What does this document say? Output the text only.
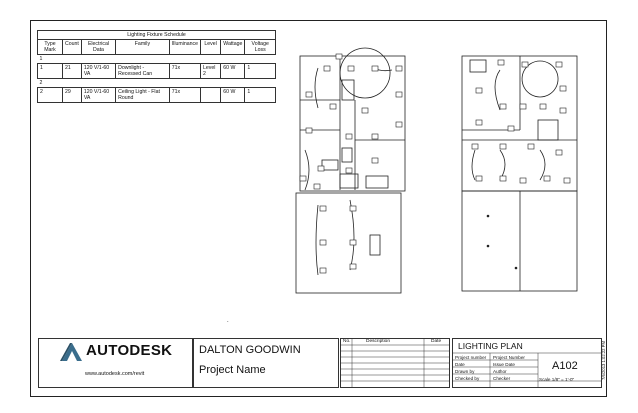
Lighting Fixture Schedule							
Type Mark	Count	Electrical Data	Family	Illuminance	Level	Wattage	Voltage Loss
1							
1	21	120 V/1-60 VA	Downlight - Recessed Can	71x	Level 2	60 W	1
2							
2	29	120 V/1-60 VA	Ceiling Light - Flat Round	71x		60 W	1
.
AUTODESK
www.autodesk.com/revit
DALTON GOODWIN
Project Name
No.	Description	Date LIGHTING PLAN
Project number Project Number
Date	Issue Date
Drawn by	Author
Checked by	Checker
A102
Scale 1/8" = 1'-0"	7/6/2013 1:02:22 PM
